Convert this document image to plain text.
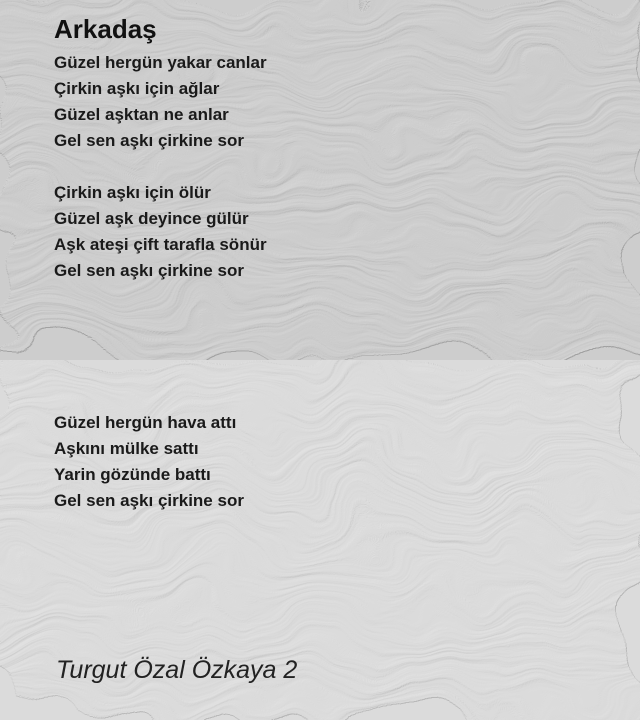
Arkadaş
Güzel hergün yakar canlar
Çirkin aşkı için ağlar
Güzel aşktan ne anlar
Gel sen aşkı çirkine sor
Çirkin aşkı için ölür
Güzel aşk deyince gülür
Aşk ateşi çift tarafla sönür
Gel sen aşkı çirkine sor
Güzel hergün hava attı
Aşkını mülke sattı
Yarin gözünde battı
Gel sen aşkı çirkine sor
Turgut Özal Özkaya 2
